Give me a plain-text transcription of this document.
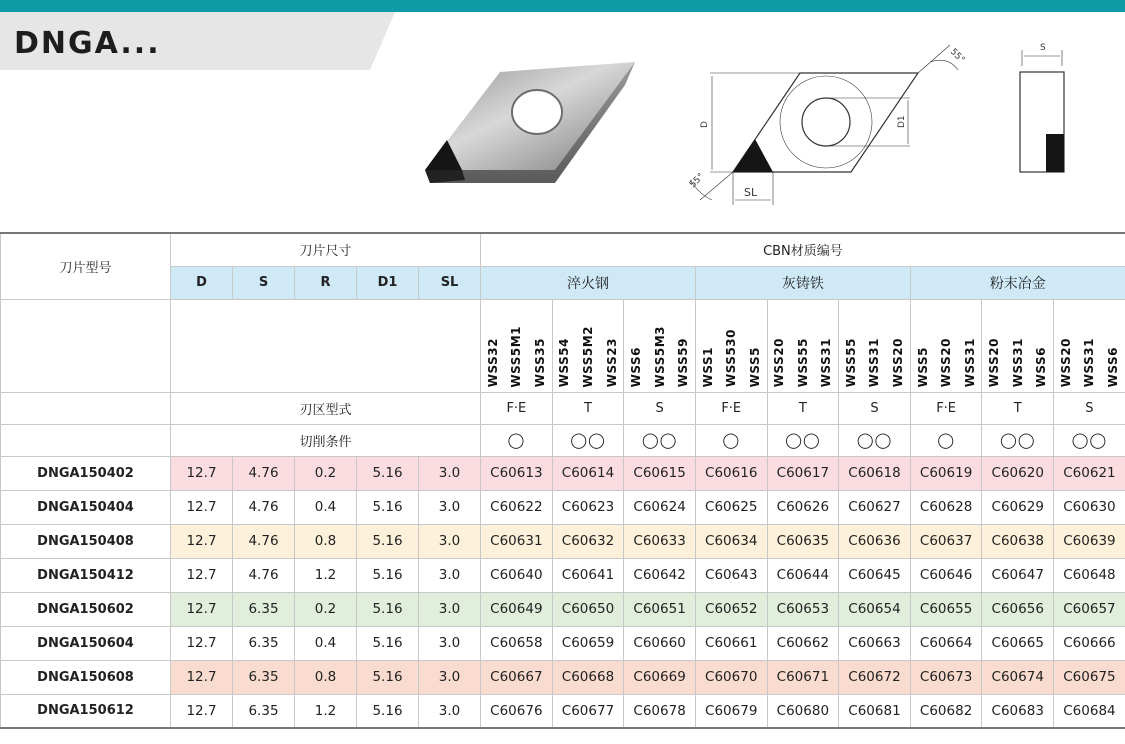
DNGA...	55°
55°
D	D1
SL
S
刀片型号	刀片尺寸					CBN材质编号								
	D	S	R	D1	SL	淬火钢			灰铸铁			粉末冶金		

						WSS32 WSS5M1 WSS35	WSS54 WSS5M2 WSS23	WSS6 WSS5M3 WSS59	WSS1 WSS530 WSS5	WSS20 WSS55 WSS31	WSS55 WSS31 WSS20	WSS5 WSS20 WSS31	WSS20 WSS31 WSS6	WSS20 WSS31 WSS6

	刃区型式					F·E	T	S	F·E	T	S	F·E	T	S
	切削条件					◯	◯◯	◯◯	◯	◯◯	◯◯	◯	◯◯	◯◯
DNGA150402	12.7	4.76	0.2	5.16	3.0	C60613	C60614	C60615	C60616	C60617	C60618	C60619	C60620	C60621
DNGA150404	12.7	4.76	0.4	5.16	3.0	C60622	C60623	C60624	C60625	C60626	C60627	C60628	C60629	C60630
DNGA150408	12.7	4.76	0.8	5.16	3.0	C60631	C60632	C60633	C60634	C60635	C60636	C60637	C60638	C60639
DNGA150412	12.7	4.76	1.2	5.16	3.0	C60640	C60641	C60642	C60643	C60644	C60645	C60646	C60647	C60648
DNGA150602	12.7	6.35	0.2	5.16	3.0	C60649	C60650	C60651	C60652	C60653	C60654	C60655	C60656	C60657
DNGA150604	12.7	6.35	0.4	5.16	3.0	C60658	C60659	C60660	C60661	C60662	C60663	C60664	C60665	C60666
DNGA150608	12.7	6.35	0.8	5.16	3.0	C60667	C60668	C60669	C60670	C60671	C60672	C60673	C60674	C60675
DNGA150612	12.7	6.35	1.2	5.16	3.0	C60676	C60677	C60678	C60679	C60680	C60681	C60682	C60683	C60684
